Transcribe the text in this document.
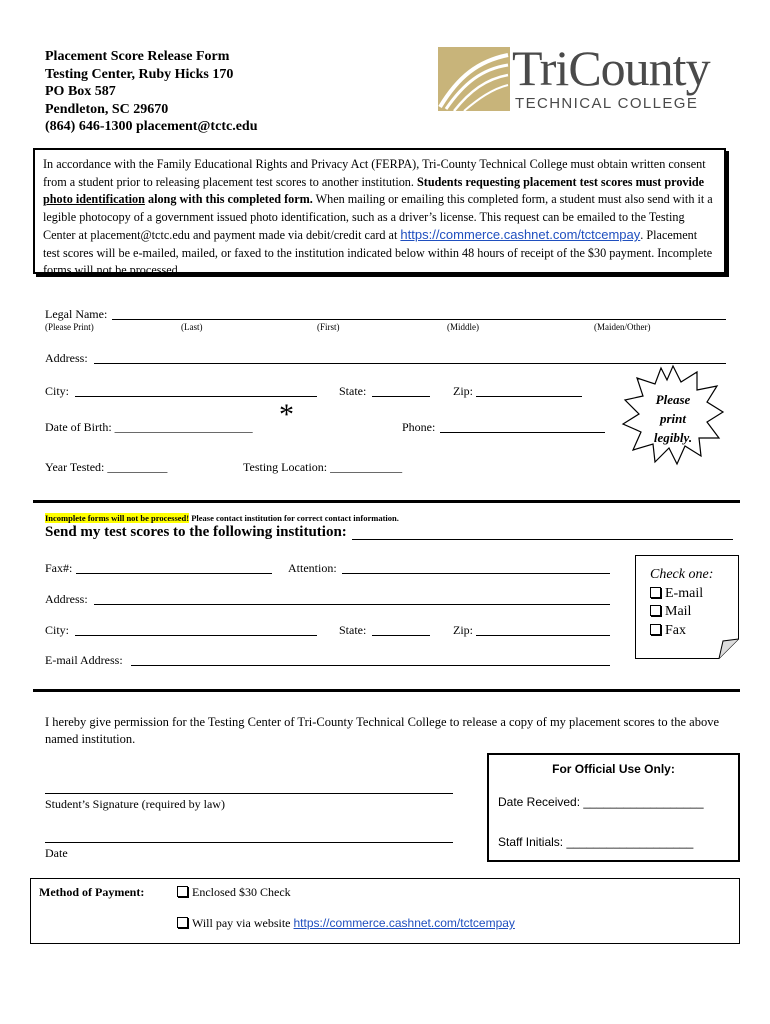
Placement Score Release Form
Testing Center, Ruby Hicks 170
PO Box 587
Pendleton, SC 29670
(864) 646-1300 placement@tctc.edu
TriCounty
TECHNICAL COLLEGE
In accordance with the Family Educational Rights and Privacy Act (FERPA), Tri-County Technical College must obtain written consent from a student prior to releasing placement test scores to another institution. Students requesting placement test scores must provide photo identification along with this completed form. When mailing or emailing this completed form, a student must also send with it a legible photocopy of a government issued photo identification, such as a driver’s license. This request can be emailed to the Testing Center at placement@tctc.edu and payment made via debit/credit card at https://commerce.cashnet.com/tctcempay. Placement test scores will be e-mailed, mailed, or faxed to the institution indicated below within 48 hours of receipt of the $30 payment. Incomplete forms will not be processed.
Legal Name:
(Please Print)	(Last)	(First)	(Middle)	(Maiden/Other)
Address:
City:	State:	Zip:
Date of Birth: _______________________ *	Phone:
Year Tested: __________	Testing Location: ____________
Please
print
legibly.
Incomplete forms will not be processed! Please contact institution for correct contact information.
Send my test scores to the following institution:
Fax#:	Attention:
Address:
City:	State:	Zip:
E-mail Address:
Check one:
E-mail
Mail
Fax
I hereby give permission for the Testing Center of Tri-County Technical College to release a copy of my placement scores to the above named institution.
Student’s Signature (required by law)
Date
For Official Use Only:
Date Received: __________________
Staff Initials: ___________________
Method of Payment:	Enclosed $30 Check
Will pay via website https://commerce.cashnet.com/tctcempay
